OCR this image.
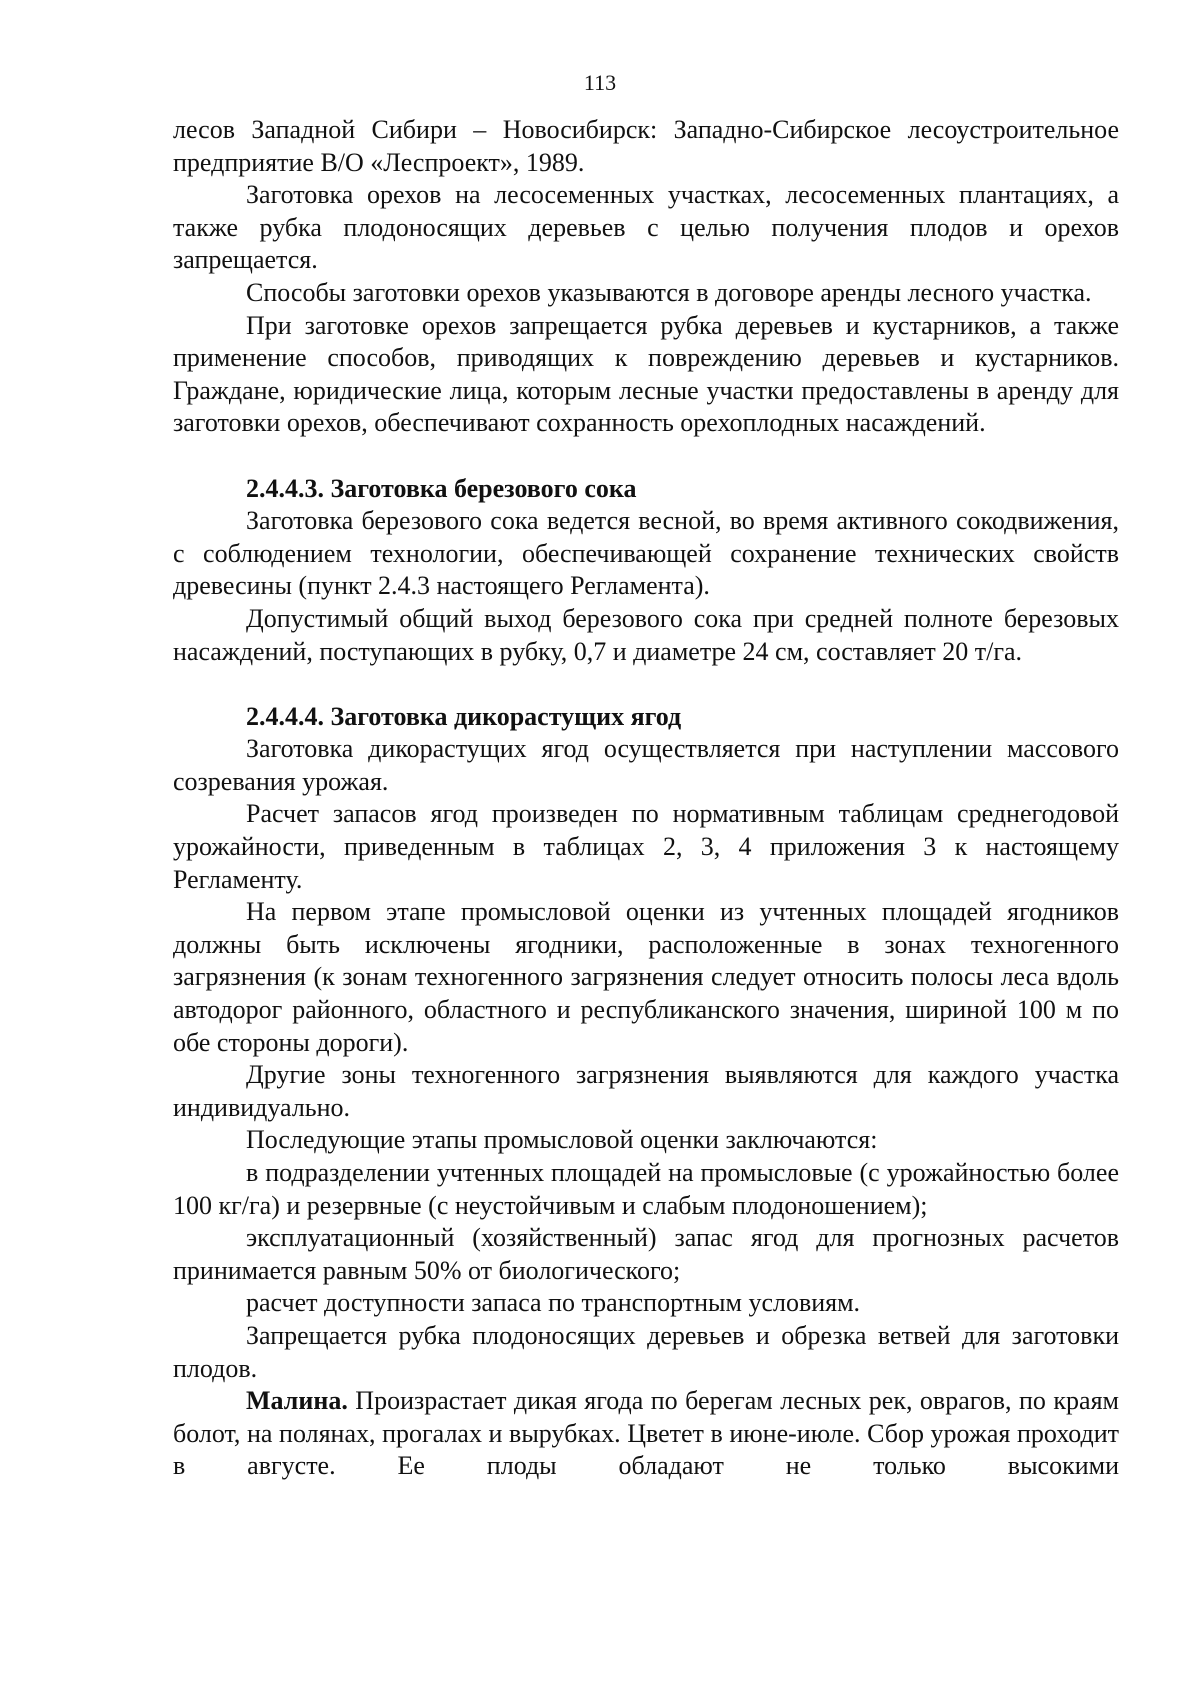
113

лесов Западной Сибири – Новосибирск: Западно-Сибирское лесоустроительное предприятие В/О «Леспроект», 1989.

Заготовка орехов на лесосеменных участках, лесосеменных плантациях, а также рубка плодоносящих деревьев с целью получения плодов и орехов запрещается.

Способы заготовки орехов указываются в договоре аренды лесного участка.

При заготовке орехов запрещается рубка деревьев и кустарников, а также применение способов, приводящих к повреждению деревьев и кустарников. Граждане, юридические лица, которым лесные участки предоставлены в аренду для заготовки орехов, обеспечивают сохранность орехоплодных насаждений.

2.4.4.3. Заготовка березового сока

Заготовка березового сока ведется весной, во время активного сокодвижения, с соблюдением технологии, обеспечивающей сохранение технических свойств древесины (пункт 2.4.3 настоящего Регламента).

Допустимый общий выход березового сока при средней полноте березовых насаждений, поступающих в рубку, 0,7 и диаметре 24 см, составляет 20 т/га.

2.4.4.4. Заготовка дикорастущих ягод

Заготовка дикорастущих ягод осуществляется при наступлении массового созревания урожая.

Расчет запасов ягод произведен по нормативным таблицам среднегодовой урожайности, приведенным в таблицах 2, 3, 4 приложения 3 к настоящему Регламенту.

На первом этапе промысловой оценки из учтенных площадей ягодников должны быть исключены ягодники, расположенные в зонах техногенного загрязнения (к зонам техногенного загрязнения следует относить полосы леса вдоль автодорог районного, областного и республиканского значения, шириной 100 м по обе стороны дороги).

Другие зоны техногенного загрязнения выявляются для каждого участка индивидуально.

Последующие этапы промысловой оценки заключаются:

в подразделении учтенных площадей на промысловые (с урожайностью более 100 кг/га) и резервные (с неустойчивым и слабым плодоношением);

эксплуатационный (хозяйственный) запас ягод для прогнозных расчетов принимается равным 50% от биологического;

расчет доступности запаса по транспортным условиям.

Запрещается рубка плодоносящих деревьев и обрезка ветвей для заготовки плодов.

Малина. Произрастает дикая ягода по берегам лесных рек, оврагов, по краям болот, на полянах, прогалах и вырубках. Цветет в июне-июле. Сбор урожая проходит в августе. Ее плоды обладают не только высокими
